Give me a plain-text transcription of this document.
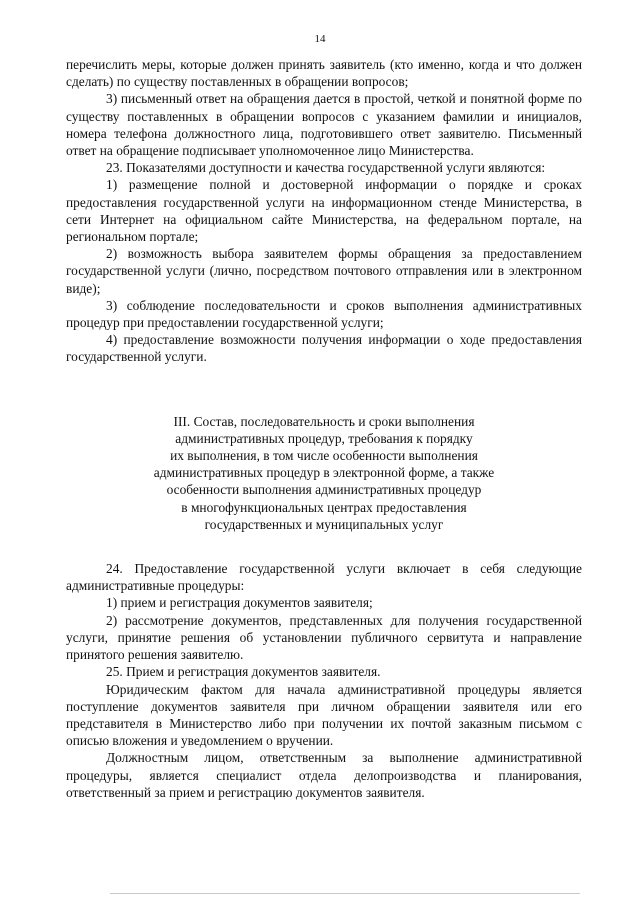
14

перечислить меры, которые должен принять заявитель (кто именно, когда и что должен сделать) по существу поставленных в обращении вопросов;

3) письменный ответ на обращения дается в простой, четкой и понятной форме по существу поставленных в обращении вопросов с указанием фамилии и инициалов, номера телефона должностного лица, подготовившего ответ заявителю. Письменный ответ на обращение подписывает уполномоченное лицо Министерства.

23. Показателями доступности и качества государственной услуги являются:

1) размещение полной и достоверной информации о порядке и сроках предоставления государственной услуги на информационном стенде Министерства, в сети Интернет на официальном сайте Министерства, на федеральном портале, на региональном портале;

2) возможность выбора заявителем формы обращения за предоставлением государственной услуги (лично, посредством почтового отправления или в электронном виде);

3) соблюдение последовательности и сроков выполнения административных процедур при предоставлении государственной услуги;

4) предоставление возможности получения информации о ходе предоставления государственной услуги.

III. Состав, последовательность и сроки выполнения
административных процедур, требования к порядку
их выполнения, в том числе особенности выполнения
административных процедур в электронной форме, а также
особенности выполнения административных процедур
в многофункциональных центрах предоставления
государственных и муниципальных услуг

24. Предоставление государственной услуги включает в себя следующие административные процедуры:

1) прием и регистрация документов заявителя;

2) рассмотрение документов, представленных для получения государственной услуги, принятие решения об установлении публичного сервитута и направление принятого решения заявителю.

25. Прием и регистрация документов заявителя.

Юридическим фактом для начала административной процедуры является поступление документов заявителя при личном обращении заявителя или его представителя в Министерство либо при получении их почтой заказным письмом с описью вложения и уведомлением о вручении.

Должностным лицом, ответственным за выполнение административной процедуры, является специалист отдела делопроизводства и планирования, ответственный за прием и регистрацию документов заявителя.
